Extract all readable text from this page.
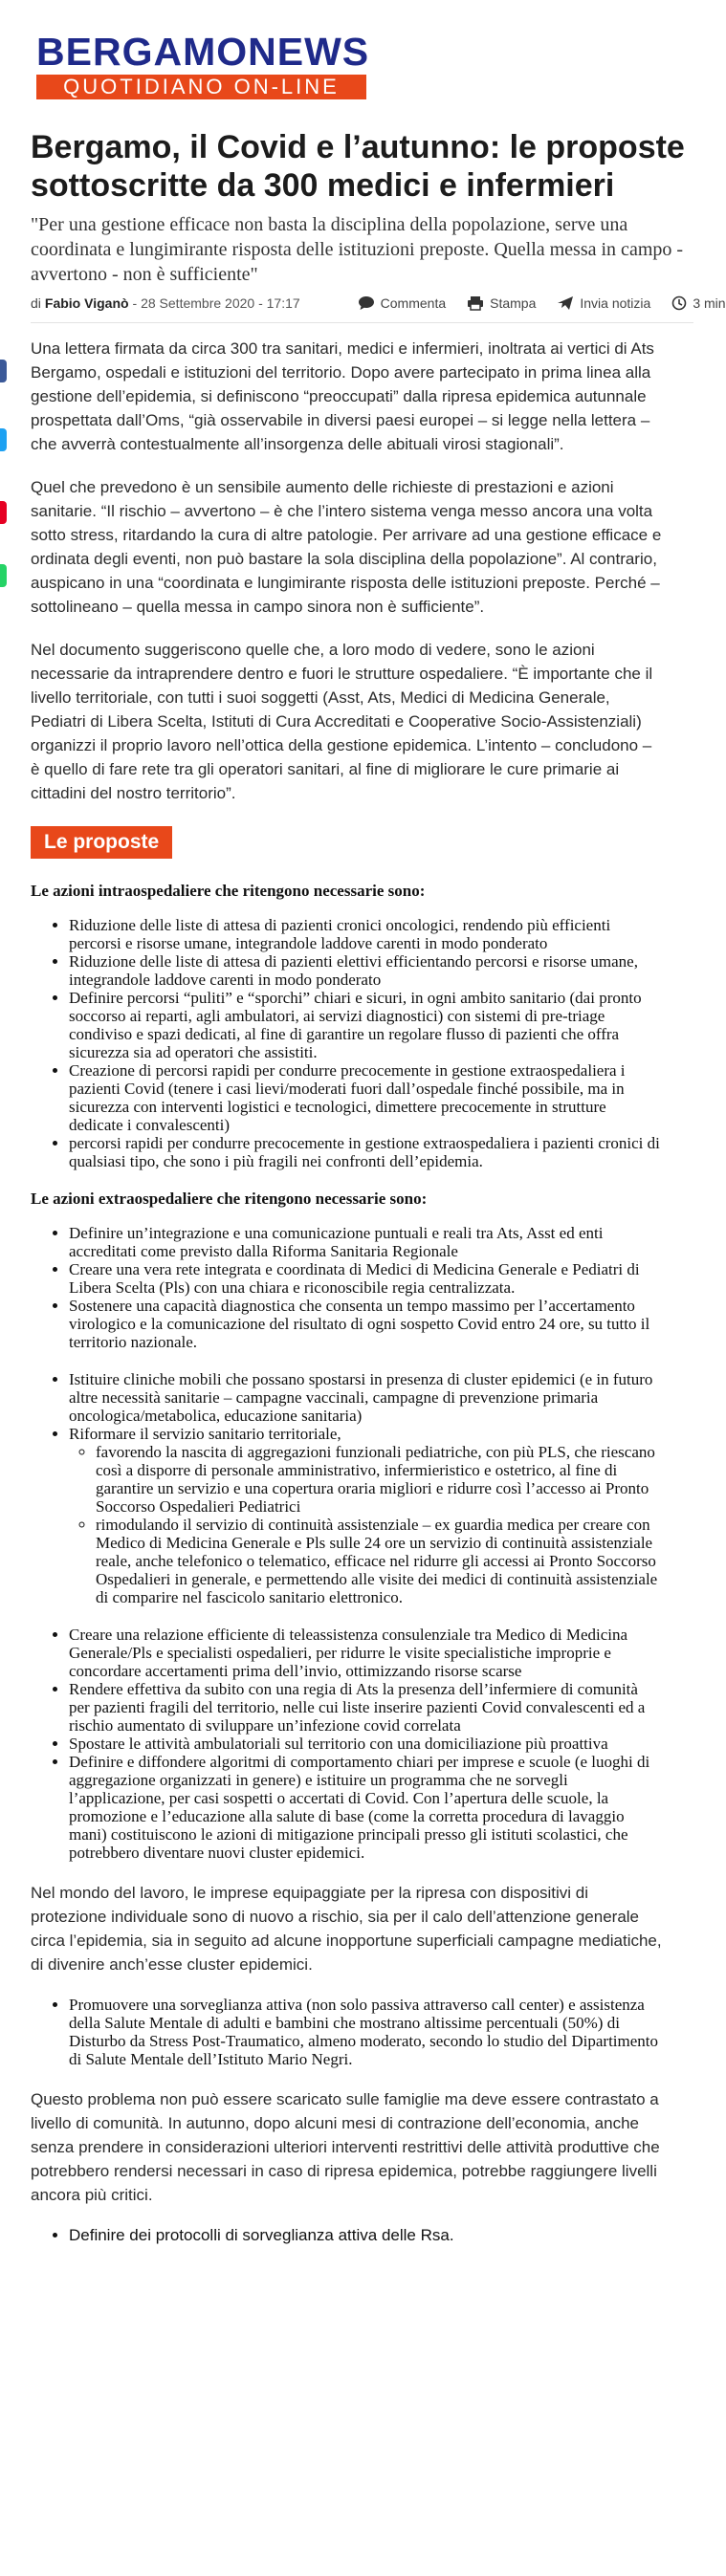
BERGAMONEWS
QUOTIDIANO ON-LINE
Bergamo, il Covid e l’autunno: le proposte sottoscritte da 300 medici e infermieri
"Per una gestione efficace non basta la disciplina della popolazione, serve una coordinata e lungimirante risposta delle istituzioni preposte. Quella messa in campo - avvertono - non è sufficiente"
di Fabio Viganò - 28 Settembre 2020 - 17:17	Commenta	Stampa	Invia notizia	3 min

Una lettera firmata da circa 300 tra sanitari, medici e infermieri, inoltrata ai vertici di Ats Bergamo, ospedali e istituzioni del territorio. Dopo avere partecipato in prima linea alla gestione dell’epidemia, si definiscono “preoccupati” dalla ripresa epidemica autunnale prospettata dall’Oms, “già osservabile in diversi paesi europei – si legge nella lettera – che avverrà contestualmente all’insorgenza delle abituali virosi stagionali”.

Quel che prevedono è un sensibile aumento delle richieste di prestazioni e azioni sanitarie. “Il rischio – avvertono – è che l’intero sistema venga messo ancora una volta sotto stress, ritardando la cura di altre patologie. Per arrivare ad una gestione efficace e ordinata degli eventi, non può bastare la sola disciplina della popolazione”. Al contrario, auspicano in una “coordinata e lungimirante risposta delle istituzioni preposte. Perché – sottolineano – quella messa in campo sinora non è sufficiente”.

Nel documento suggeriscono quelle che, a loro modo di vedere, sono le azioni necessarie da intraprendere dentro e fuori le strutture ospedaliere. “È importante che il livello territoriale, con tutti i suoi soggetti (Asst, Ats, Medici di Medicina Generale, Pediatri di Libera Scelta, Istituti di Cura Accreditati e Cooperative Socio-Assistenziali) organizzi il proprio lavoro nell’ottica della gestione epidemica. L’intento – concludono – è quello di fare rete tra gli operatori sanitari, al fine di migliorare le cure primarie ai cittadini del nostro territorio”.

Le proposte

Le azioni intraospedaliere che ritengono necessarie sono:

• Riduzione delle liste di attesa di pazienti cronici oncologici, rendendo più efficienti percorsi e risorse umane, integrandole laddove carenti in modo ponderato
• Riduzione delle liste di attesa di pazienti elettivi efficientando percorsi e risorse umane, integrandole laddove carenti in modo ponderato
• Definire percorsi “puliti” e “sporchi” chiari e sicuri, in ogni ambito sanitario (dai pronto soccorso ai reparti, agli ambulatori, ai servizi diagnostici) con sistemi di pre-triage condiviso e spazi dedicati, al fine di garantire un regolare flusso di pazienti che offra sicurezza sia ad operatori che assistiti.
• Creazione di percorsi rapidi per condurre precocemente in gestione extraospedaliera i pazienti Covid (tenere i casi lievi/moderati fuori dall’ospedale finché possibile, ma in sicurezza con interventi logistici e tecnologici, dimettere precocemente in strutture dedicate i convalescenti)
• percorsi rapidi per condurre precocemente in gestione extraospedaliera i pazienti cronici di qualsiasi tipo, che sono i più fragili nei confronti dell’epidemia.

Le azioni extraospedaliere che ritengono necessarie sono:

• Definire un’integrazione e una comunicazione puntuali e reali tra Ats, Asst ed enti accreditati come previsto dalla Riforma Sanitaria Regionale
• Creare una vera rete integrata e coordinata di Medici di Medicina Generale e Pediatri di Libera Scelta (Pls) con una chiara e riconoscibile regia centralizzata.
• Sostenere una capacità diagnostica che consenta un tempo massimo per l’accertamento virologico e la comunicazione del risultato di ogni sospetto Covid entro 24 ore, su tutto il territorio nazionale.
• Istituire cliniche mobili che possano spostarsi in presenza di cluster epidemici (e in futuro altre necessità sanitarie – campagne vaccinali, campagne di prevenzione primaria oncologica/metabolica, educazione sanitaria)
• Riformare il servizio sanitario territoriale,
◦ favorendo la nascita di aggregazioni funzionali pediatriche, con più PLS, che riescano così a disporre di personale amministrativo, infermieristico e ostetrico, al fine di garantire un servizio e una copertura oraria migliori e ridurre così l’accesso ai Pronto Soccorso Ospedalieri Pediatrici
◦ rimodulando il servizio di continuità assistenziale – ex guardia medica per creare con Medico di Medicina Generale e Pls sulle 24 ore un servizio di continuità assistenziale reale, anche telefonico o telematico, efficace nel ridurre gli accessi ai Pronto Soccorso Ospedalieri in generale, e permettendo alle visite dei medici di continuità assistenziale di comparire nel fascicolo sanitario elettronico.
• Creare una relazione efficiente di teleassistenza consulenziale tra Medico di Medicina Generale/Pls e specialisti ospedalieri, per ridurre le visite specialistiche improprie e concordare accertamenti prima dell’invio, ottimizzando risorse scarse
• Rendere effettiva da subito con una regia di Ats la presenza dell’infermiere di comunità per pazienti fragili del territorio, nelle cui liste inserire pazienti Covid convalescenti ed a rischio aumentato di sviluppare un’infezione covid correlata
• Spostare le attività ambulatoriali sul territorio con una domiciliazione più proattiva
• Definire e diffondere algoritmi di comportamento chiari per imprese e scuole (e luoghi di aggregazione organizzati in genere) e istituire un programma che ne sorvegli l’applicazione, per casi sospetti o accertati di Covid. Con l’apertura delle scuole, la promozione e l’educazione alla salute di base (come la corretta procedura di lavaggio mani) costituiscono le azioni di mitigazione principali presso gli istituti scolastici, che potrebbero diventare nuovi cluster epidemici.

Nel mondo del lavoro, le imprese equipaggiate per la ripresa con dispositivi di protezione individuale sono di nuovo a rischio, sia per il calo dell’attenzione generale circa l’epidemia, sia in seguito ad alcune inopportune superficiali campagne mediatiche, di divenire anch’esse cluster epidemici.

• Promuovere una sorveglianza attiva (non solo passiva attraverso call center) e assistenza della Salute Mentale di adulti e bambini che mostrano altissime percentuali (50%) di Disturbo da Stress Post-Traumatico, almeno moderato, secondo lo studio del Dipartimento di Salute Mentale dell’Istituto Mario Negri.

Questo problema non può essere scaricato sulle famiglie ma deve essere contrastato a livello di comunità. In autunno, dopo alcuni mesi di contrazione dell’economia, anche senza prendere in considerazioni ulteriori interventi restrittivi delle attività produttive che potrebbero rendersi necessari in caso di ripresa epidemica, potrebbe raggiungere livelli ancora più critici.

• Definire dei protocolli di sorveglianza attiva delle Rsa.
